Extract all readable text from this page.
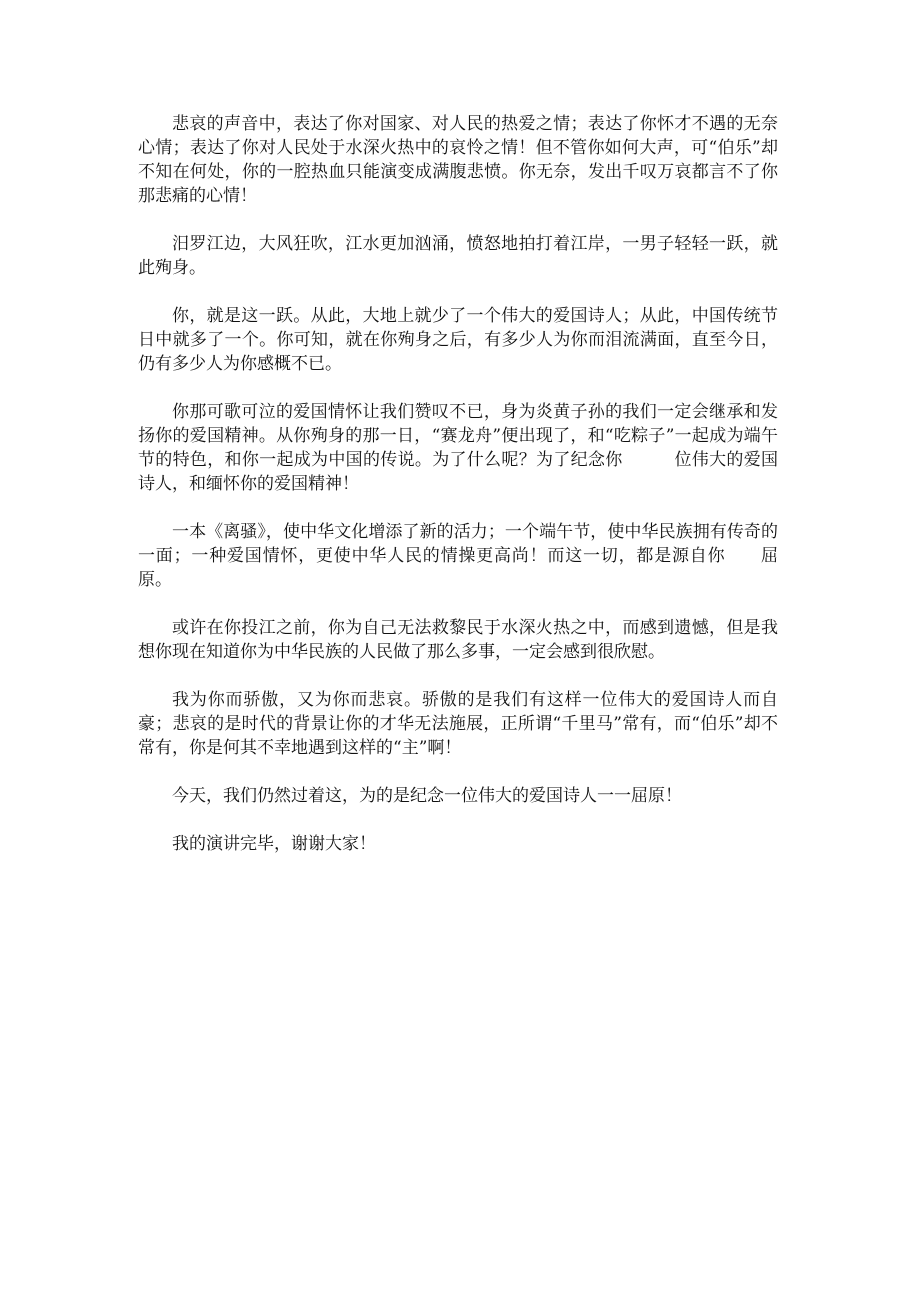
悲哀的声音中，表达了你对国家、对人民的热爱之情；表达了你怀才不遇的无奈心情；表达了你对人民处于水深火热中的哀怜之情！但不管你如何大声，可“伯乐”却不知在何处，你的一腔热血只能演变成满腹悲愤。你无奈，发出千叹万哀都言不了你那悲痛的心情！

汨罗江边，大风狂吹，江水更加汹涌，愤怒地拍打着江岸，一男子轻轻一跃，就此殉身。

你，就是这一跃。从此，大地上就少了一个伟大的爱国诗人；从此，中国传统节日中就多了一个。你可知，就在你殉身之后，有多少人为你而泪流满面，直至今日，仍有多少人为你感概不已。

你那可歌可泣的爱国情怀让我们赞叹不已，身为炎黄子孙的我们一定会继承和发扬你的爱国精神。从你殉身的那一日，“赛龙舟”便出现了，和“吃粽子”一起成为端午节的特色，和你一起成为中国的传说。为了什么呢？为了纪念你　　　位伟大的爱国诗人，和缅怀你的爱国精神！

一本《离骚》，使中华文化增添了新的活力；一个端午节，使中华民族拥有传奇的一面；一种爱国情怀，更使中华人民的情操更高尚！而这一切，都是源自你　　屈原。

或许在你投江之前，你为自己无法救黎民于水深火热之中，而感到遗憾，但是我想你现在知道你为中华民族的人民做了那么多事，一定会感到很欣慰。

我为你而骄傲，又为你而悲哀。骄傲的是我们有这样一位伟大的爱国诗人而自豪；悲哀的是时代的背景让你的才华无法施展，正所谓“千里马”常有，而“伯乐”却不常有，你是何其不幸地遇到这样的“主”啊！

今天，我们仍然过着这，为的是纪念一位伟大的爱国诗人一一屈原！

我的演讲完毕，谢谢大家！
